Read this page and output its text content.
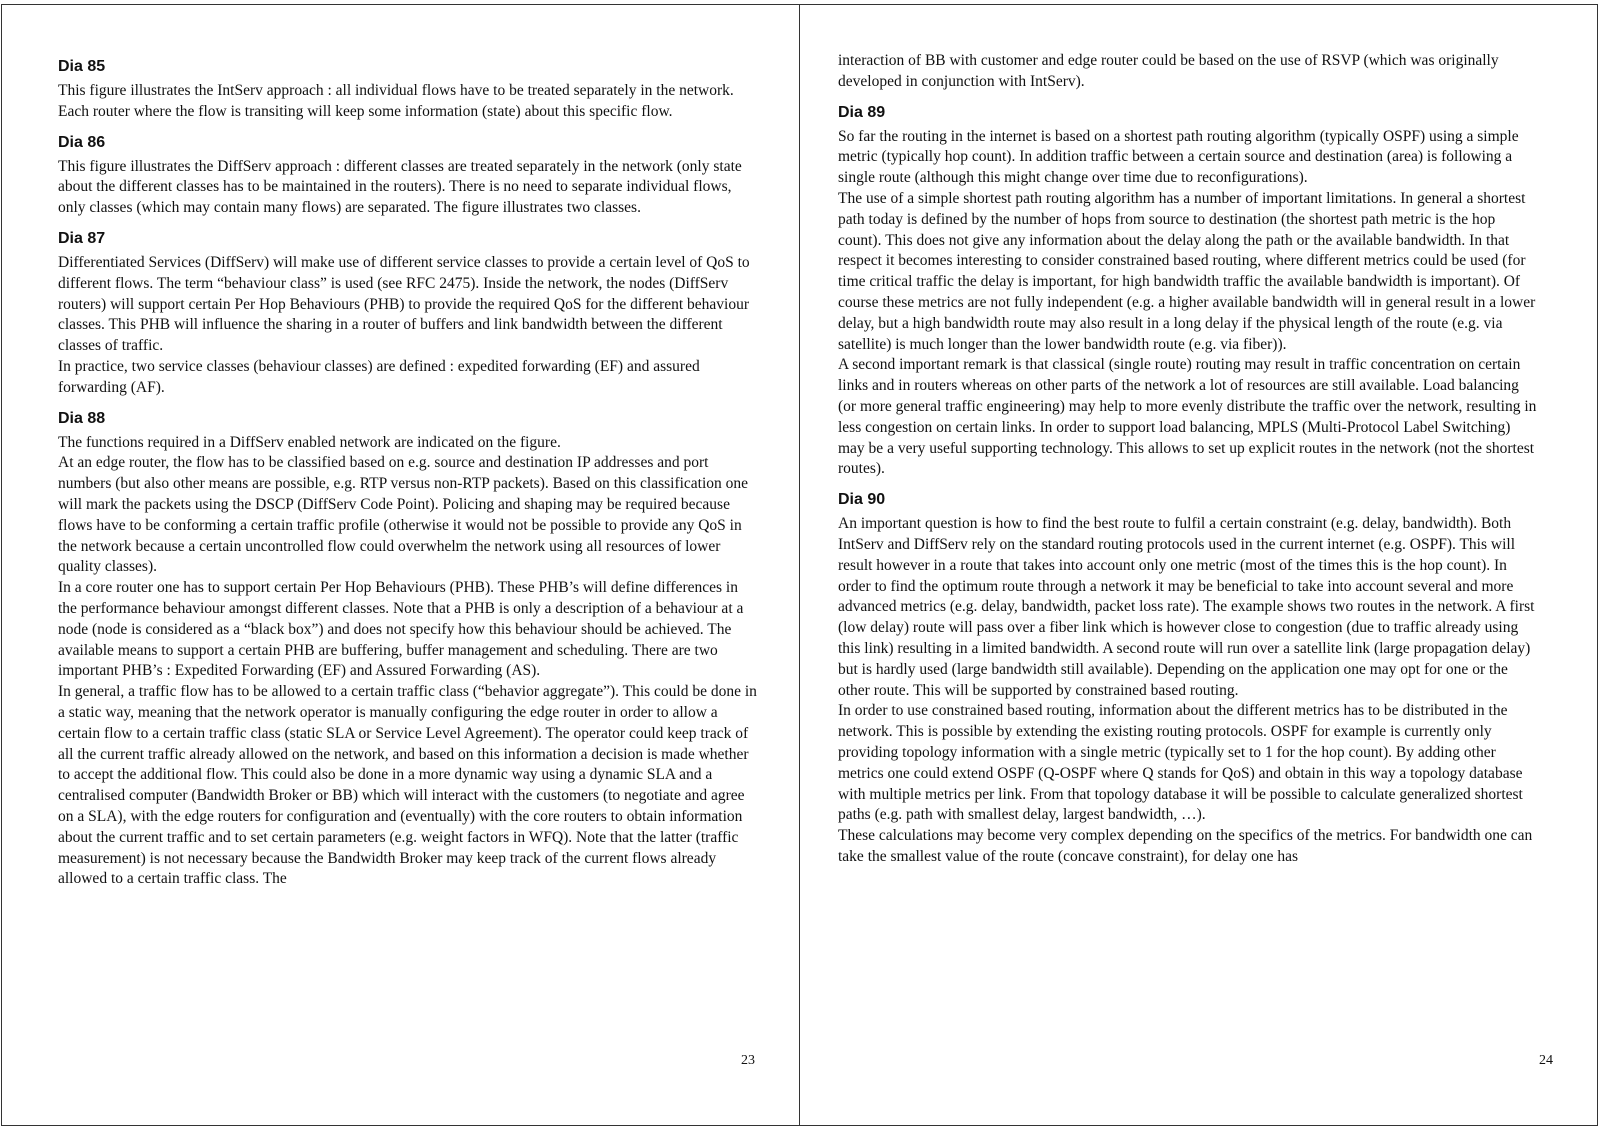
Dia 85

This figure illustrates the IntServ approach : all individual flows have to be treated separately in the network. Each router where the flow is transiting will keep some information (state) about this specific flow.

Dia 86

This figure illustrates the DiffServ approach : different classes are treated separately in the network (only state about the different classes has to be maintained in the routers). There is no need to separate individual flows, only classes (which may contain many flows) are separated. The figure illustrates two classes.

Dia 87

Differentiated Services (DiffServ) will make use of different service classes to provide a certain level of QoS to different flows. The term “behaviour class” is used (see RFC 2475). Inside the network, the nodes (DiffServ routers) will support certain Per Hop Behaviours (PHB) to provide the required QoS for the different behaviour classes. This PHB will influence the sharing in a router of buffers and link bandwidth between the different classes of traffic.

In practice, two service classes (behaviour classes) are defined : expedited forwarding (EF) and assured forwarding (AF).

Dia 88

The functions required in a DiffServ enabled network are indicated on the figure.

At an edge router, the flow has to be classified based on e.g. source and destination IP addresses and port numbers (but also other means are possible, e.g. RTP versus non-RTP packets). Based on this classification one will mark the packets using the DSCP (DiffServ Code Point). Policing and shaping may be required because flows have to be conforming a certain traffic profile (otherwise it would not be possible to provide any QoS in the network because a certain uncontrolled flow could overwhelm the network using all resources of lower quality classes).

In a core router one has to support certain Per Hop Behaviours (PHB). These PHB’s will define differences in the performance behaviour amongst different classes. Note that a PHB is only a description of a behaviour at a node (node is considered as a “black box”) and does not specify how this behaviour should be achieved. The available means to support a certain PHB are buffering, buffer management and scheduling. There are two important PHB’s : Expedited Forwarding (EF) and Assured Forwarding (AS).

In general, a traffic flow has to be allowed to a certain traffic class (“behavior aggregate”). This could be done in a static way, meaning that the network operator is manually configuring the edge router in order to allow a certain flow to a certain traffic class (static SLA or Service Level Agreement). The operator could keep track of all the current traffic already allowed on the network, and based on this information a decision is made whether to accept the additional flow. This could also be done in a more dynamic way using a dynamic SLA and a centralised computer (Bandwidth Broker or BB) which will interact with the customers (to negotiate and agree on a SLA), with the edge routers for configuration and (eventually) with the core routers to obtain information about the current traffic and to set certain parameters (e.g. weight factors in WFQ). Note that the latter (traffic measurement) is not necessary because the Bandwidth Broker may keep track of the current flows already allowed to a certain traffic class. The

23

interaction of BB with customer and edge router could be based on the use of RSVP (which was originally developed in conjunction with IntServ).

Dia 89

So far the routing in the internet is based on a shortest path routing algorithm (typically OSPF) using a simple metric (typically hop count). In addition traffic between a certain source and destination (area) is following a single route (although this might change over time due to reconfigurations).

The use of a simple shortest path routing algorithm has a number of important limitations. In general a shortest path today is defined by the number of hops from source to destination (the shortest path metric is the hop count). This does not give any information about the delay along the path or the available bandwidth. In that respect it becomes interesting to consider constrained based routing, where different metrics could be used (for time critical traffic the delay is important, for high bandwidth traffic the available bandwidth is important). Of course these metrics are not fully independent (e.g. a higher available bandwidth will in general result in a lower delay, but a high bandwidth route may also result in a long delay if the physical length of the route (e.g. via satellite) is much longer than the lower bandwidth route (e.g. via fiber)).

A second important remark is that classical (single route) routing may result in traffic concentration on certain links and in routers whereas on other parts of the network a lot of resources are still available. Load balancing (or more general traffic engineering) may help to more evenly distribute the traffic over the network, resulting in less congestion on certain links. In order to support load balancing, MPLS (Multi-Protocol Label Switching) may be a very useful supporting technology. This allows to set up explicit routes in the network (not the shortest routes).

Dia 90

An important question is how to find the best route to fulfil a certain constraint (e.g. delay, bandwidth). Both IntServ and DiffServ rely on the standard routing protocols used in the current internet (e.g. OSPF). This will result however in a route that takes into account only one metric (most of the times this is the hop count). In order to find the optimum route through a network it may be beneficial to take into account several and more advanced metrics (e.g. delay, bandwidth, packet loss rate). The example shows two routes in the network. A first (low delay) route will pass over a fiber link which is however close to congestion (due to traffic already using this link) resulting in a limited bandwidth. A second route will run over a satellite link (large propagation delay) but is hardly used (large bandwidth still available). Depending on the application one may opt for one or the other route. This will be supported by constrained based routing.

In order to use constrained based routing, information about the different metrics has to be distributed in the network. This is possible by extending the existing routing protocols. OSPF for example is currently only providing topology information with a single metric (typically set to 1 for the hop count). By adding other metrics one could extend OSPF (Q-OSPF where Q stands for QoS) and obtain in this way a topology database with multiple metrics per link. From that topology database it will be possible to calculate generalized shortest paths (e.g. path with smallest delay, largest bandwidth, …).

These calculations may become very complex depending on the specifics of the metrics. For bandwidth one can take the smallest value of the route (concave constraint), for delay one has

24
